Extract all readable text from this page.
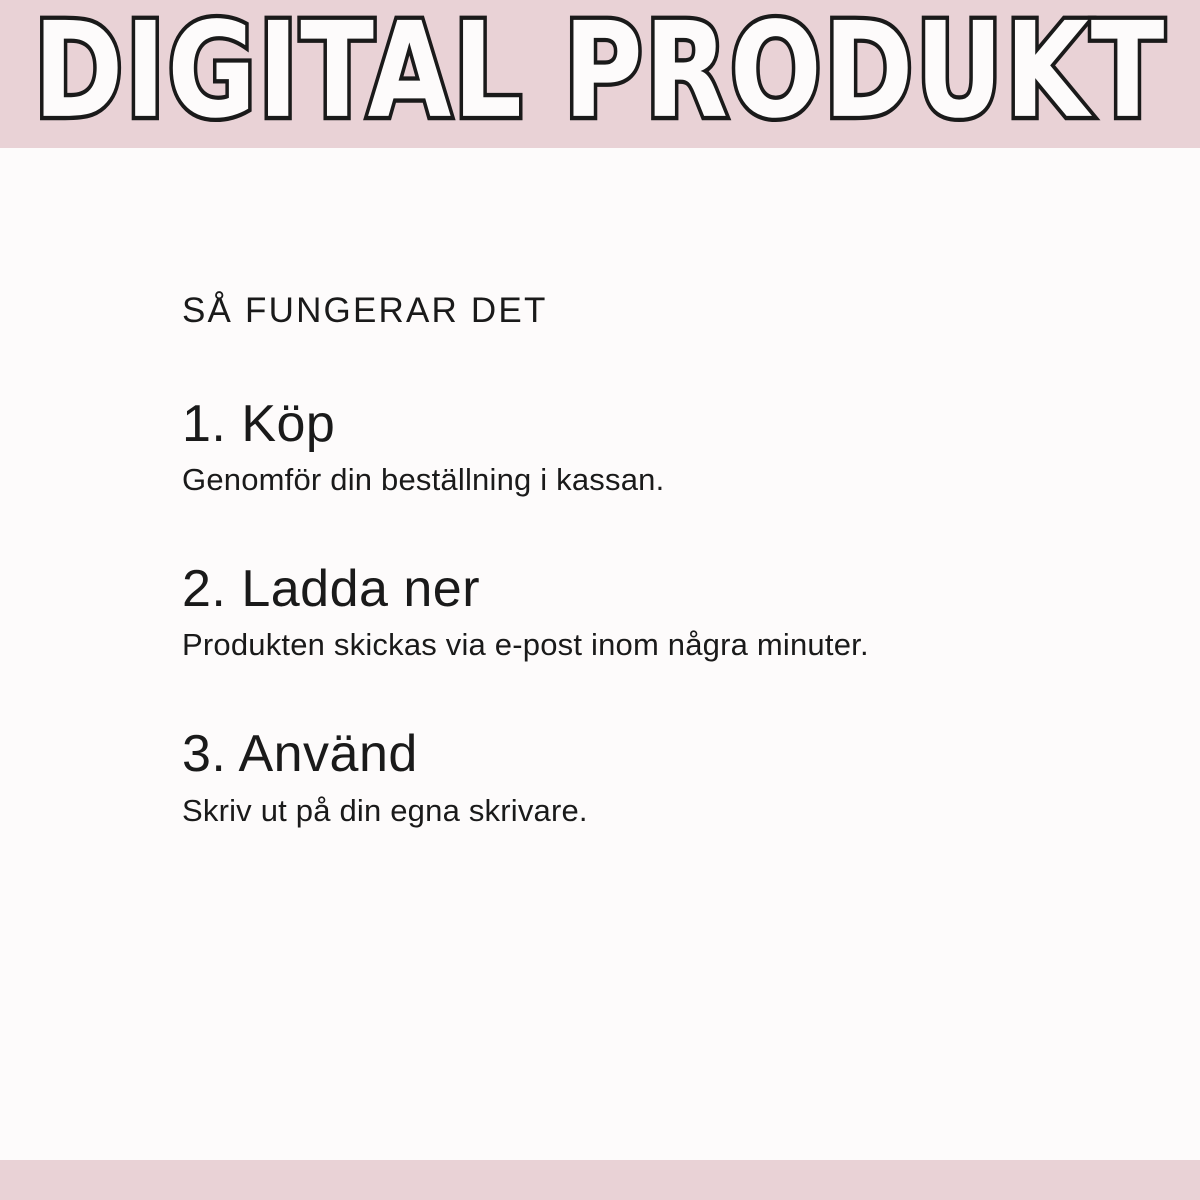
DIGITAL PRODUKT
SÅ FUNGERAR DET
1. Köp

Genomför din beställning i kassan.

2. Ladda ner

Produkten skickas via e-post inom några minuter.

3. Använd

Skriv ut på din egna skrivare.
